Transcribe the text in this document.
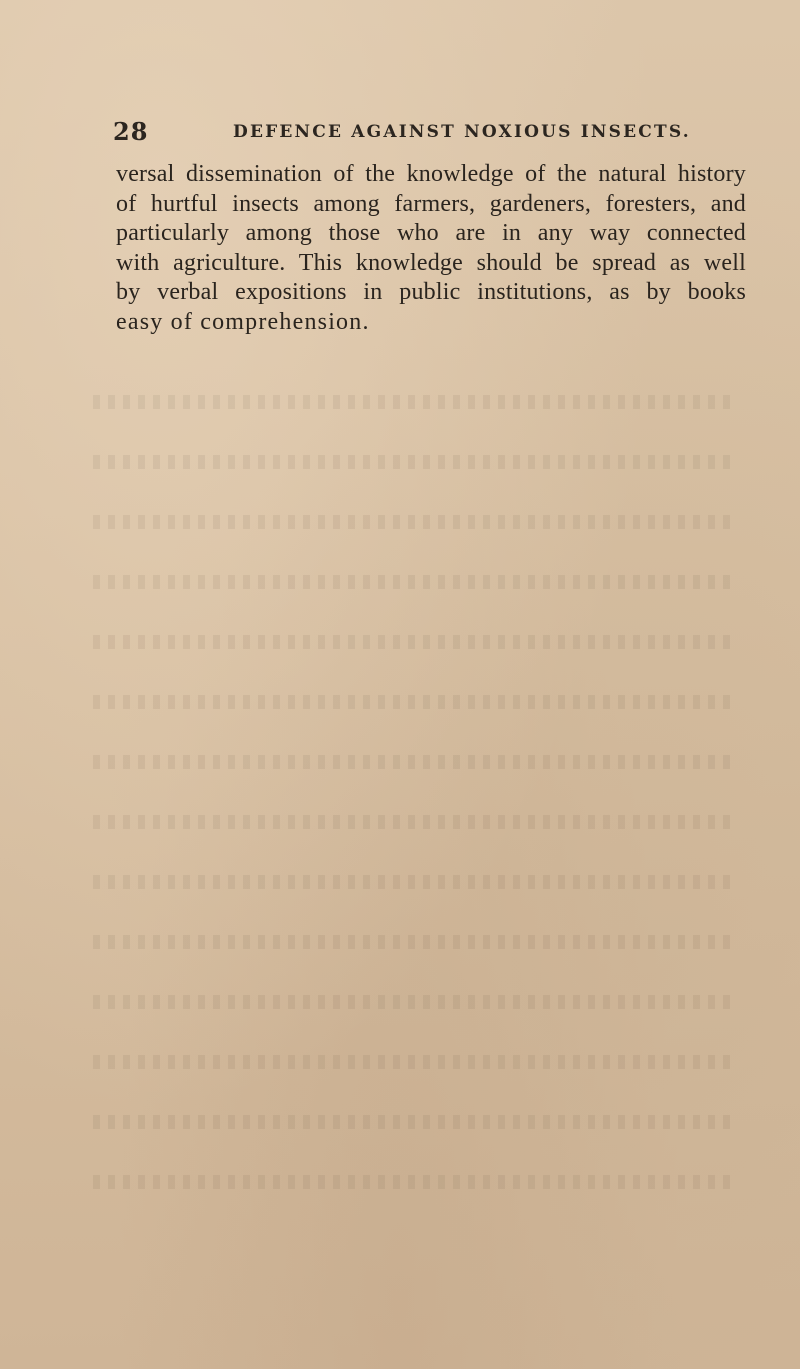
28	DEFENCE AGAINST NOXIOUS INSECTS.
versal dissemination of the knowledge of the natural history
of hurtful insects among farmers, gardeners, foresters, and
particularly among those who are in any way connected
with agriculture. This knowledge should be spread as well
by verbal expositions in public institutions, as by books
easy of comprehension.
